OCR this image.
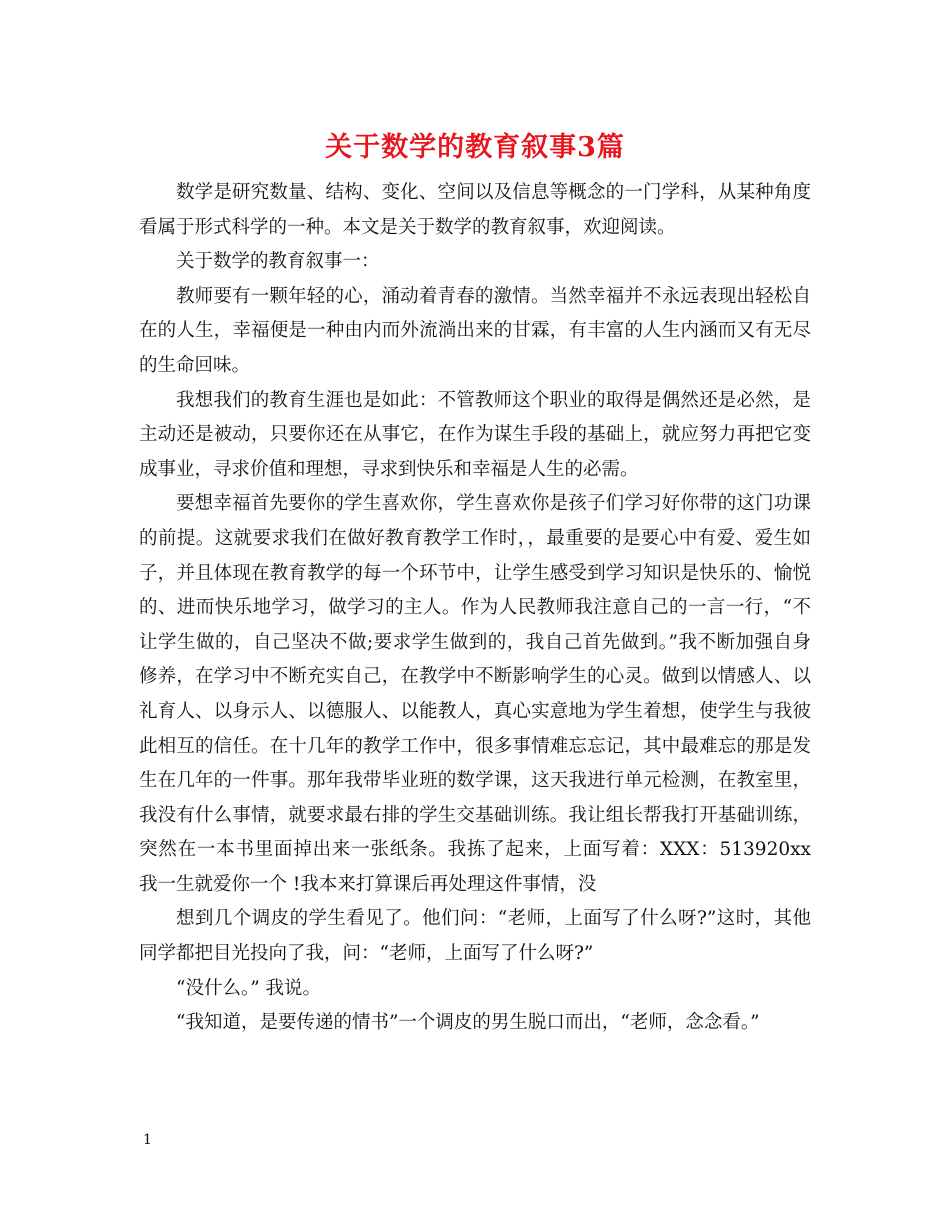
关于数学的教育叙事3篇

数学是研究数量、结构、变化、空间以及信息等概念的一门学科，从某种角度看属于形式科学的一种。本文是关于数学的教育叙事，欢迎阅读。

关于数学的教育叙事一：

教师要有一颗年轻的心，涌动着青春的激情。当然幸福并不永远表现出轻松自在的人生，幸福便是一种由内而外流淌出来的甘霖，有丰富的人生内涵而又有无尽的生命回味。

我想我们的教育生涯也是如此：不管教师这个职业的取得是偶然还是必然，是主动还是被动，只要你还在从事它，在作为谋生手段的基础上，就应努力再把它变成事业，寻求价值和理想，寻求到快乐和幸福是人生的必需。

要想幸福首先要你的学生喜欢你，学生喜欢你是孩子们学习好你带的这门功课的前提。这就要求我们在做好教育教学工作时，，最重要的是要心中有爱、爱生如子，并且体现在教育教学的每一个环节中，让学生感受到学习知识是快乐的、愉悦的、进而快乐地学习，做学习的主人。作为人民教师我注意自己的一言一行，“不让学生做的，自己坚决不做;要求学生做到的，我自己首先做到。”我不断加强自身修养，在学习中不断充实自己，在教学中不断影响学生的心灵。做到以情感人、以礼育人、以身示人、以德服人、以能教人，真心实意地为学生着想，使学生与我彼此相互的信任。在十几年的教学工作中，很多事情难忘忘记，其中最难忘的那是发生在几年的一件事。那年我带毕业班的数学课，这天我进行单元检测，在教室里，我没有什么事情，就要求最右排的学生交基础训练。我让组长帮我打开基础训练，突然在一本书里面掉出来一张纸条。我拣了起来，上面写着：XXX：513920xx 我一生就爱你一个 !我本来打算课后再处理这件事情，没

想到几个调皮的学生看见了。他们问：“老师，上面写了什么呀?”这时，其他同学都把目光投向了我，问：“老师，上面写了什么呀?”

“没什么。” 我说。

“我知道，是要传递的情书”一个调皮的男生脱口而出，“老师，念念看。”

1
